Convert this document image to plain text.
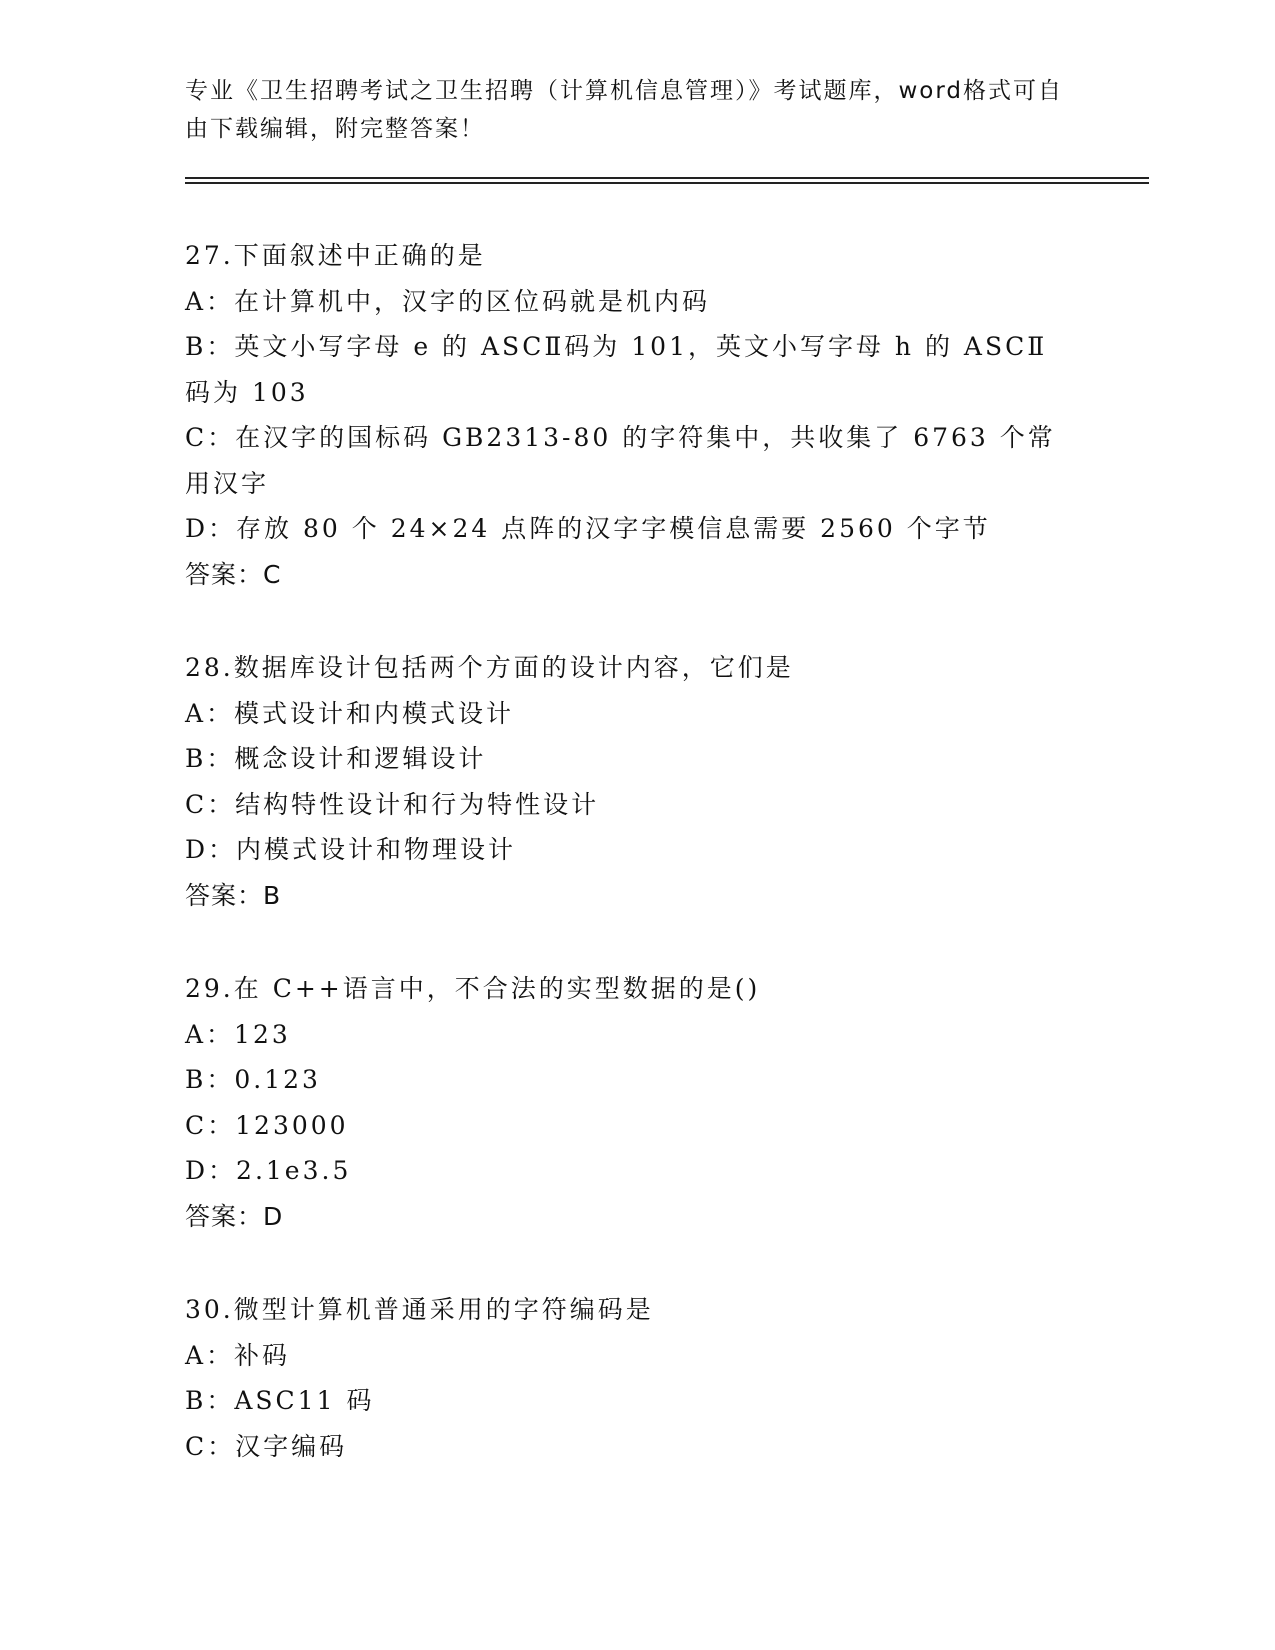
专业《卫生招聘考试之卫生招聘（计算机信息管理）》考试题库，word格式可自由下载编辑，附完整答案！
27.下面叙述中正确的是
A：在计算机中，汉字的区位码就是机内码
B：英文小写字母 e 的 ASCⅡ码为 101，英文小写字母 h 的 ASCⅡ码为 103
C：在汉字的国标码 GB2313-80 的字符集中，共收集了 6763 个常用汉字
D：存放 80 个 24×24 点阵的汉字字模信息需要 2560 个字节
答案：C
28.数据库设计包括两个方面的设计内容，它们是
A：模式设计和内模式设计
B：概念设计和逻辑设计
C：结构特性设计和行为特性设计
D：内模式设计和物理设计
答案：B
29.在 C++语言中，不合法的实型数据的是()
A：123
B：0.123
C：123000
D：2.1e3.5
答案：D
30.微型计算机普通采用的字符编码是
A：补码
B：ASC11 码
C：汉字编码
